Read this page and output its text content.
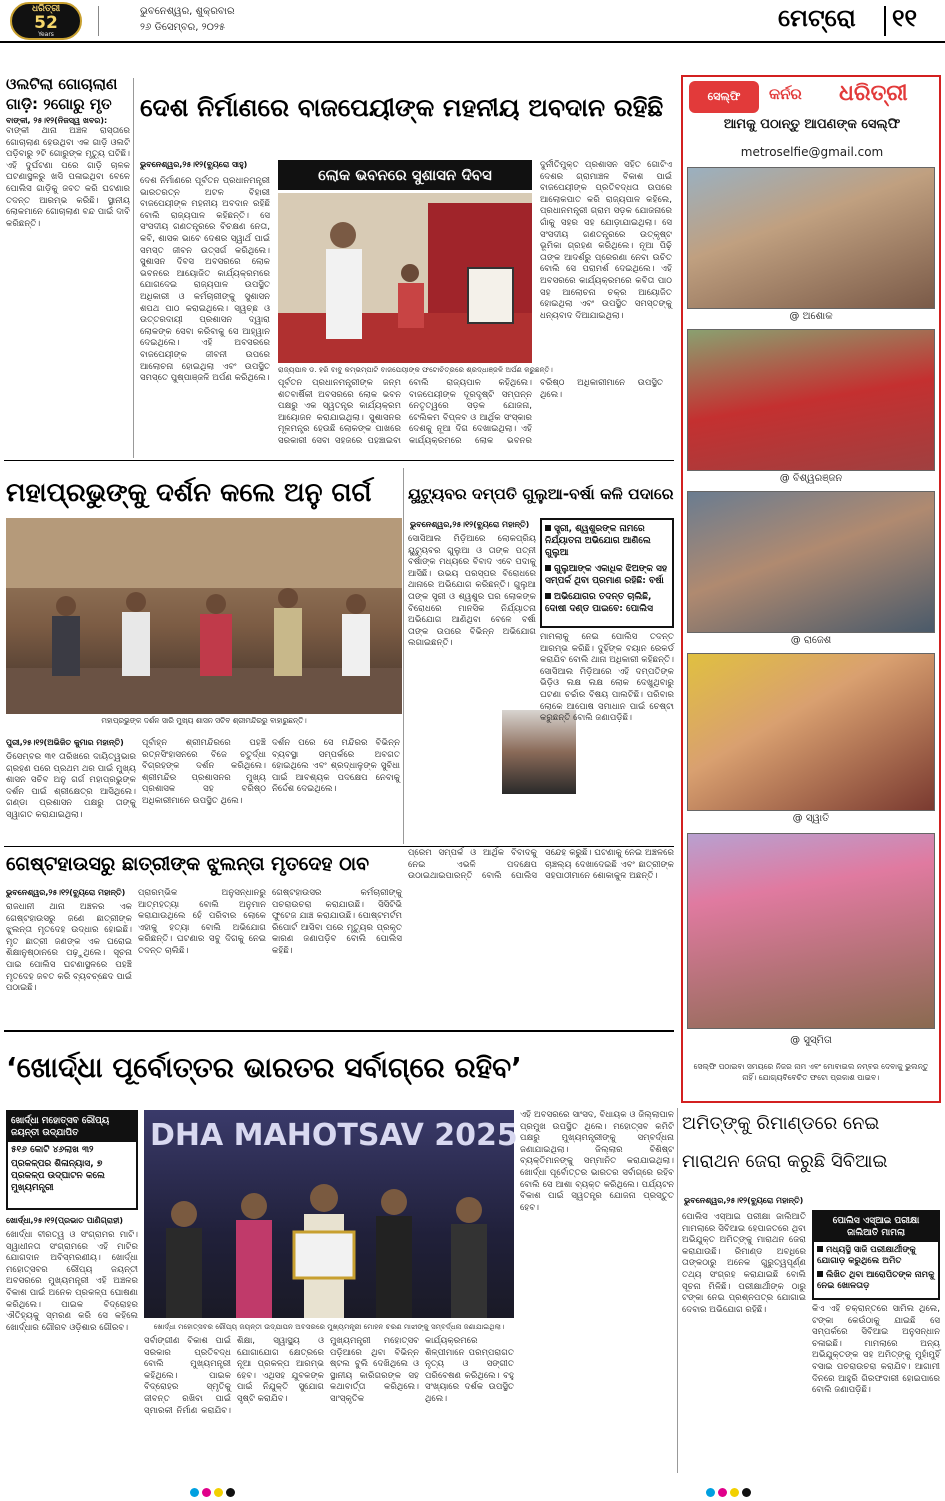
ଧରିତ୍ରୀ
52
Years
ଭୁବନେଶ୍ୱର, ଶୁକ୍ରବାର
୨୬ ଡିସେମ୍ବର, ୨୦୨୫	ମେଟ୍ରୋ ୧୧
ଓଲଟିଲା ଗୋଚାଲାଣ
ଗାଡ଼ି: ୨ଗୋରୁ ମୃତ
ବାଙ୍କୀ, ୨୫।୧୨(ନିଜସ୍ୱ ଖବର):
ବାଙ୍କୀ ଥାନା ଅଞ୍ଚଳ ରାସ୍ତାରେ ଗୋଚାଲାଣ ହେଉଥିବା ଏକ ଗାଡ଼ି ଓଲଟି ପଡ଼ିବାରୁ ୨ଟି ଗୋରୁଙ୍କ ମୃତ୍ୟୁ ଘଟିଛି। ଏହି ଦୁର୍ଘଟଣା ପରେ ଗାଡ଼ି ଚାଳକ ଘଟଣାସ୍ଥଳରୁ ଖସି ପଳାଇଥିବା ବେଳେ ପୋଲିସ ଗାଡ଼ିକୁ ଜବତ କରି ଘଟଣାର ତଦନ୍ତ ଆରମ୍ଭ କରିଛି। ସ୍ଥାନୀୟ ଲୋକମାନେ ଗୋଚାଲାଣ ବନ୍ଦ ପାଇଁ ଦାବି କରିଛନ୍ତି।
ଦେଶ ନିର୍ମାଣରେ ବାଜପେୟୀଙ୍କ ମହନୀୟ ଅବଦାନ ରହିଛି
ଭୁବନେଶ୍ୱର,୨୫।୧୨(ବ୍ୟୁରୋ ସାହୁ)
ଲୋକ ଭବନରେ ସୁଶାସନ ଦିବସ
ଦେଶ ନିର୍ମାଣରେ ପୂର୍ବତନ ପ୍ରଧାନମନ୍ତ୍ରୀ ଭାରତରତ୍ନ ଅଟଳ ବିହାରୀ ବାଜପେୟୀଙ୍କ ମହନୀୟ ଅବଦାନ ରହିଛି ବୋଲି ରାଜ୍ୟପାଳ କହିଛନ୍ତି। ସେ ସଂସଦୀୟ ଗଣତନ୍ତ୍ରରେ ବିଚକ୍ଷଣ ନେତା, କବି, ଶାସକ ଭାବେ ଦେଶର ସ୍ୱାର୍ଥ ପାଇଁ ସମସ୍ତ ଜୀବନ ଉତ୍ସର୍ଗ କରିଥିଲେ। ସୁଶାସନ ଦିବସ ଅବସରରେ ଲୋକ ଭବନରେ ଆୟୋଜିତ କାର୍ଯ୍ୟକ୍ରମରେ ଯୋଗଦେଇ ରାଜ୍ୟପାଳ ଉପସ୍ଥିତ ଅଧିକାରୀ ଓ କର୍ମଚାରୀଙ୍କୁ ସୁଶାସନ ଶପଥ ପାଠ କରାଇଥିଲେ। ସ୍ୱଚ୍ଛ ଓ ଉତ୍ତରଦାୟୀ ପ୍ରଶାସନ ଦ୍ୱାରା ଲୋକଙ୍କ ସେବା କରିବାକୁ ସେ ଆହ୍ୱାନ ଦେଇଥିଲେ। ଏହି ଅବସରରେ ବାଜପେୟୀଙ୍କ ଜୀବନୀ ଉପରେ ଆଲୋଚନା ହୋଇଥିଲା ଏବଂ ଉପସ୍ଥିତ ସମସ୍ତେ ପୁଷ୍ପାଞ୍ଜଳି ଅର୍ପଣ କରିଥିଲେ।
ରାଜ୍ୟପାଳ ଡ. ହରି ବାବୁ କମ୍ଭମ୍ପାଟି ବାଜପେୟୀଙ୍କ ଫଟୋଚିତ୍ରରେ ଶ୍ରଦ୍ଧାଞ୍ଜଳି ଅର୍ପଣ କରୁଛନ୍ତି।
ପୂର୍ବତନ ପ୍ରଧାନମନ୍ତ୍ରୀଙ୍କ ଜନ୍ମ ଶତବାର୍ଷିକୀ ଅବସରରେ ଲୋକ ଭବନ ପକ୍ଷରୁ ଏକ ସ୍ୱତନ୍ତ୍ର କାର୍ଯ୍ୟକ୍ରମ ଆୟୋଜନ କରାଯାଇଥିଲା। ସୁଶାସନର ମୂଳମନ୍ତ୍ର ହେଉଛି ଲୋକଙ୍କ ପାଖରେ ସରକାରୀ ସେବା ସହଜରେ ପହଞ୍ଚାଇବା ବୋଲି ରାଜ୍ୟପାଳ କହିଥିଲେ। ବାଜପେୟୀଙ୍କ ଦୂରଦୃଷ୍ଟି ସମ୍ପନ୍ନ ନେତୃତ୍ୱରେ ସଡ଼କ ଯୋଜନା, ଟେଲିକମ ବିପ୍ଳବ ଓ ଆର୍ଥିକ ସଂସ୍କାର ଦେଶକୁ ନୂଆ ଦିଗ ଦେଖାଇଥିଲା। ଏହି କାର୍ଯ୍ୟକ୍ରମରେ ଲୋକ ଭବନର ବରିଷ୍ଠ ଅଧିକାରୀମାନେ ଉପସ୍ଥିତ ଥିଲେ।
ଦୁର୍ନୀତିମୁକ୍ତ ପ୍ରଶାସନ ସହିତ ଗୋଟିଏ ଦେଶର ଗ୍ରାମାଞ୍ଚଳ ବିକାଶ ପାଇଁ ବାଜପେୟୀଙ୍କ ପ୍ରତିବଦ୍ଧତା ଉପରେ ଆଲୋକପାତ କରି ରାଜ୍ୟପାଳ କହିଲେ, ପ୍ରଧାନମନ୍ତ୍ରୀ ଗ୍ରାମ ସଡ଼କ ଯୋଜନାରେ ଗାଁକୁ ସହର ସହ ଯୋଡ଼ାଯାଇଥିଲା। ସେ ସଂସଦୀୟ ଗଣତନ୍ତ୍ରରେ ଉତ୍କୃଷ୍ଟ ଭୂମିକା ଗ୍ରହଣ କରିଥିଲେ। ନୂଆ ପିଢ଼ି ତାଙ୍କ ଆଦର୍ଶରୁ ପ୍ରେରଣା ନେବା ଉଚିତ ବୋଲି ସେ ପରାମର୍ଶ ଦେଇଥିଲେ। ଏହି ଅବସରରେ କାର୍ଯ୍ୟକ୍ରମରେ କବିତା ପାଠ ସହ ଆଲୋଚନା ଚକ୍ର ଆୟୋଜିତ ହୋଇଥିଲା ଏବଂ ଉପସ୍ଥିତ ସମସ୍ତଙ୍କୁ ଧନ୍ୟବାଦ ଦିଆଯାଇଥିଲା।
ସେଲ୍ଫି	କର୍ନର ଧରିତ୍ରୀ
ଆମକୁ ପଠାନ୍ତୁ ଆପଣଙ୍କ ସେଲ୍ଫି
metroselfie@gmail.com
@ ଅଶୋକ
@ ବିଶ୍ୱରଞ୍ଜନ
@ ରାଜେଶ
@ ସ୍ୱାତି
@ ସୁସ୍ମିତା
ସେଲ୍ଫି ପଠାଇବା ସମୟରେ ନିଜର ନାମ ଏବଂ ମୋବାଇଲ ନମ୍ବର ଦେବାକୁ ଭୁଲନ୍ତୁ ନାହିଁ। ଯୋଗ୍ୟବିବେଚିତ ଫଟୋ ପ୍ରକାଶ ପାଇବ।
ମହାପ୍ରଭୁଙ୍କୁ ଦର୍ଶନ କଲେ ଅନୁ ଗର୍ଗ
ମହାପ୍ରଭୁଙ୍କ ଦର୍ଶନ ସାରି ମୁଖ୍ୟ ଶାସନ ସଚିବ ଶ୍ରୀମନ୍ଦିରରୁ ବାହାରୁଛନ୍ତି।
ପୁରୀ,୨୫।୧୨(ଅଭିଜିତ କୁମାର ମହାନ୍ତି)
ଡିସେମ୍ବର ୩୧ ତାରିଖରେ ଦାୟିତ୍ୱଭାର ଗ୍ରହଣ ପରେ ପ୍ରଥମ ଥର ପାଇଁ ମୁଖ୍ୟ ଶାସନ ସଚିବ ଅନୁ ଗର୍ଗ ମହାପ୍ରଭୁଙ୍କ ଦର୍ଶନ ପାଇଁ ଶ୍ରୀକ୍ଷେତ୍ର ଆସିଥିଲେ। ଗଣ୍ଡା ପ୍ରଶାସନ ପକ୍ଷରୁ ତାଙ୍କୁ ସ୍ୱାଗତ କରାଯାଇଥିଲା।
ପୂର୍ବାହ୍ନ ଶ୍ରୀମନ୍ଦିରରେ ପହଞ୍ଚି ରତ୍ନସିଂହାସନରେ ବିଜେ ଚତୁର୍ଦ୍ଧା ବିଗ୍ରହଙ୍କ ଦର୍ଶନ କରିଥିଲେ। ଶ୍ରୀମନ୍ଦିର ପ୍ରଶାସନର ମୁଖ୍ୟ ପ୍ରଶାସକ ସହ ବରିଷ୍ଠ ଅଧିକାରୀମାନେ ଉପସ୍ଥିତ ଥିଲେ।
ଦର୍ଶନ ପରେ ସେ ମନ୍ଦିରର ବିଭିନ୍ନ ବ୍ୟବସ୍ଥା ସମ୍ପର୍କରେ ଅବଗତ ହୋଇଥିଲେ ଏବଂ ଶ୍ରଦ୍ଧାଳୁଙ୍କ ସୁବିଧା ପାଇଁ ଆବଶ୍ୟକ ପଦକ୍ଷେପ ନେବାକୁ ନିର୍ଦ୍ଦେଶ ଦେଇଥିଲେ।
ୟୁଟ୍ୟୁବର ଦମ୍ପତି ଗୁଲୁଆ-ବର୍ଷା କଳି ପଦାରେ
ଭୁବନେଶ୍ୱର,୨୫।୧୨(ବ୍ୟୁରୋ ମହାନ୍ତି)
ସୋସିଆଲ ମିଡ଼ିଆରେ ଲୋକପ୍ରିୟ ୟୁଟ୍ୟୁବର ଗୁଲୁଆ ଓ ତାଙ୍କ ପତ୍ନୀ ବର୍ଷାଙ୍କ ମଧ୍ୟରେ ବିବାଦ ଏବେ ପଦାକୁ ଆସିଛି। ଉଭୟ ପରସ୍ପର ବିରୋଧରେ ଥାନାରେ ଅଭିଯୋଗ କରିଛନ୍ତି। ଗୁଲୁଆ ତାଙ୍କ ସ୍ତ୍ରୀ ଓ ଶ୍ୱଶୁର ଘର ଲୋକଙ୍କ ବିରୋଧରେ ମାନସିକ ନିର୍ଯ୍ୟାତନା ଅଭିଯୋଗ ଆଣିଥିବା ବେଳେ ବର୍ଷା ତାଙ୍କ ଉପରେ ବିଭିନ୍ନ ଅଭିଯୋଗ ଲଗାଇଛନ୍ତି।
ସ୍ତ୍ରୀ, ଶ୍ୱଶୁରଙ୍କ ନାମରେ ନିର୍ଯ୍ୟାତନା ଅଭିଯୋଗ ଆଣିଲେ ଗୁଲୁଆ
ଗୁଲୁଆଙ୍କ ଏକାଧିକ ଝିଅଙ୍କ ସହ ସମ୍ପର୍କ ଥିବା ପ୍ରମାଣ ରହିଛି: ବର୍ଷା
ଅଭିଯୋଗର ତଦନ୍ତ ଚାଲିଛି, ଦୋଷୀ ଦଣ୍ଡ ପାଇବେ: ପୋଲିସ
ମାମଲାକୁ ନେଇ ପୋଲିସ ତଦନ୍ତ ଆରମ୍ଭ କରିଛି। ଦୁହିଁଙ୍କ ବୟାନ ରେକର୍ଡ କରାଯିବ ବୋଲି ଥାନା ଅଧିକାରୀ କହିଛନ୍ତି। ସୋସିଆଲ ମିଡ଼ିଆରେ ଏହି ଦମ୍ପତିଙ୍କ ଭିଡ଼ିଓ ଲକ୍ଷ ଲକ୍ଷ ଲୋକ ଦେଖୁଥିବାରୁ ଘଟଣା ଚର୍ଚ୍ଚାର ବିଷୟ ପାଲଟିଛି। ପରିବାର ଲୋକେ ଆପୋଷ ସମାଧାନ ପାଇଁ ଚେଷ୍ଟା କରୁଛନ୍ତି ବୋଲି ଜଣାପଡ଼ିଛି।
ଗେଷ୍ଟହାଉସରୁ ଛାତ୍ରୀଙ୍କ ଝୁଲନ୍ତା ମୃତଦେହ ଠାବ
ଭୁବନେଶ୍ୱର,୨୫।୧୨(ବ୍ୟୁରୋ ମହାନ୍ତି)
ରାଜଧାନୀ ଥାନା ଅଞ୍ଚଳର ଏକ ଗେଷ୍ଟହାଉସରୁ ଜଣେ ଛାତ୍ରୀଙ୍କ ଝୁଲନ୍ତା ମୃତଦେହ ଉଦ୍ଧାର ହୋଇଛି। ମୃତ ଛାତ୍ରୀ ଜଣଙ୍କ ଏକ ଘରୋଇ ଶିକ୍ଷାନୁଷ୍ଠାନରେ ପଢ଼ୁଥିଲେ। ସୂଚନା ପାଇ ପୋଲିସ ଘଟଣାସ୍ଥଳରେ ପହଞ୍ଚି ମୃତଦେହ ଜବତ କରି ବ୍ୟବଚ୍ଛେଦ ପାଇଁ ପଠାଇଛି।
ପ୍ରାରମ୍ଭିକ ଅନୁସନ୍ଧାନରୁ ଆତ୍ମହତ୍ୟା ବୋଲି ଅନୁମାନ କରାଯାଉଥିଲେ ହେଁ ପରିବାର ଲୋକେ ଏହାକୁ ହତ୍ୟା ବୋଲି ଅଭିଯୋଗ କରିଛନ୍ତି। ଘଟଣାର ସବୁ ଦିଗକୁ ନେଇ ତଦନ୍ତ ଚାଲିଛି।
ଗେଷ୍ଟହାଉସର କର୍ମଚାରୀଙ୍କୁ ପଚରାଉଚରା କରାଯାଉଛି। ସିସିଟିଭି ଫୁଟେଜ ଯାଞ୍ଚ କରାଯାଉଛି। ପୋଷ୍ଟମର୍ଟମ ରିପୋର୍ଟ ଆସିବା ପରେ ମୃତ୍ୟୁର ପ୍ରକୃତ କାରଣ ଜଣାପଡ଼ିବ ବୋଲି ପୋଲିସ କହିଛି।
ପ୍ରେମ ସମ୍ପର୍କ ଓ ଆର୍ଥିକ ବିବାଦକୁ ନେଇ ଏଭଳି ପଦକ୍ଷେପ ଉଠାଇଥାଇପାରନ୍ତି ବୋଲି ପୋଲିସ ସନ୍ଦେହ କରୁଛି। ଘଟଣାକୁ ନେଇ ଅଞ୍ଚଳରେ ଚାଞ୍ଚଲ୍ୟ ଦେଖାଦେଇଛି ଏବଂ ଛାତ୍ରୀଙ୍କ ସହପାଠୀମାନେ ଶୋକାକୁଳ ଅଛନ୍ତି।
‘ଖୋର୍ଦ୍ଧା ପୂର୍ବୋତ୍ତର ଭାରତର ସର୍ବାଗ୍ରେ ରହିବ’
ଖୋର୍ଦ୍ଧା ମହୋତ୍ସବ ରୌପ୍ୟ ଜୟନ୍ତୀ ଉଦ୍‌ଯାପିତ
୫୧୬ କୋଟି ୪୬ଲାଖ ୩୨
ପ୍ରକଳ୍ପର ଶିଳାନ୍ୟାସ, ୭ ପ୍ରକଳ୍ପ ଉଦ୍‌ଘାଟନ କଲେ ମୁଖ୍ୟମନ୍ତ୍ରୀ
ଖୋର୍ଦ୍ଧା,୨୫।୧୨(ପ୍ରଭାତ ପାଣିଗ୍ରାହୀ)
ଖୋର୍ଦ୍ଧା ବୀରତ୍ୱ ଓ ସଂଗ୍ରାମର ମାଟି। ସ୍ୱାଧୀନତା ସଂଗ୍ରାମରେ ଏହି ମାଟିର ଯୋଗଦାନ ଅବିସ୍ମରଣୀୟ। ଖୋର୍ଦ୍ଧା ମହୋତ୍ସବର ରୌପ୍ୟ ଜୟନ୍ତୀ ଅବସରରେ ମୁଖ୍ୟମନ୍ତ୍ରୀ ଏହି ଅଞ୍ଚଳର ବିକାଶ ପାଇଁ ଅନେକ ପ୍ରକଳ୍ପ ଘୋଷଣା କରିଥିଲେ। ପାଇକ ବିଦ୍ରୋହର ଐତିହ୍ୟକୁ ସ୍ମରଣ କରି ସେ କହିଲେ ଖୋର୍ଦ୍ଧାର ଗୌରବ ଓଡ଼ିଶାର ଗୌରବ।
DHA MAHOTSAV 2025
ଖୋର୍ଦ୍ଧା ମହୋତ୍ସବର ରୌପ୍ୟ ଜୟନ୍ତୀ ଉଦ୍‌ଯାପନ ଅବସରରେ ମୁଖ୍ୟମନ୍ତ୍ରୀ ମୋହନ ଚରଣ ମାଝୀଙ୍କୁ ସମ୍ବର୍ଦ୍ଧନା ଜଣାଯାଇଥିଲା।
ସର୍ବାଙ୍ଗୀଣ ବିକାଶ ପାଇଁ ସରକାର ପ୍ରତିବଦ୍ଧ ବୋଲି ମୁଖ୍ୟମନ୍ତ୍ରୀ କହିଥିଲେ। ପାଇକ ବିଦ୍ରୋହର ସ୍ମୃତିକୁ ଜୀବନ୍ତ ରଖିବା ପାଇଁ ସ୍ମାରକୀ ନିର୍ମାଣ କରାଯିବ। ଶିକ୍ଷା, ସ୍ୱାସ୍ଥ୍ୟ ଓ ଯୋଗାଯୋଗ କ୍ଷେତ୍ରରେ ନୂଆ ପ୍ରକଳ୍ପ ଆରମ୍ଭ ହେବ। ଏଥିସହ ଯୁବକଙ୍କ ପାଇଁ ନିଯୁକ୍ତି ସୁଯୋଗ ସୃଷ୍ଟି କରାଯିବ।
ମୁଖ୍ୟମନ୍ତ୍ରୀ ମହୋତ୍ସବ ପଡ଼ିଆରେ ଥିବା ବିଭିନ୍ନ ଷ୍ଟଲ ବୁଲି ଦେଖିଥିଲେ ଓ ସ୍ଥାନୀୟ କାରିଗରଙ୍କ ସହ କଥାବାର୍ତ୍ତା କରିଥିଲେ। ସାଂସ୍କୃତିକ କାର୍ଯ୍ୟକ୍ରମରେ ଶିଳ୍ପୀମାନେ ପରମ୍ପରାଗତ ନୃତ୍ୟ ଓ ସଙ୍ଗୀତ ପରିବେଷଣ କରିଥିଲେ। ବହୁ ସଂଖ୍ୟାରେ ଦର୍ଶକ ଉପସ୍ଥିତ ଥିଲେ।
ଏହି ଅବସରରେ ସାଂସଦ, ବିଧାୟକ ଓ ଜିଲ୍ଲାପାଳ ପ୍ରମୁଖ ଉପସ୍ଥିତ ଥିଲେ। ମହୋତ୍ସବ କମିଟି ପକ୍ଷରୁ ମୁଖ୍ୟମନ୍ତ୍ରୀଙ୍କୁ ସମ୍ବର୍ଦ୍ଧନା ଜଣାଯାଇଥିଲା। ଜିଲ୍ଲାର ବିଶିଷ୍ଟ ବ୍ୟକ୍ତିମାନଙ୍କୁ ସମ୍ମାନିତ କରାଯାଇଥିଲା। ଖୋର୍ଦ୍ଧା ପୂର୍ବୋତ୍ତର ଭାରତର ସର୍ବାଗ୍ରେ ରହିବ ବୋଲି ସେ ଆଶା ବ୍ୟକ୍ତ କରିଥିଲେ। ପର୍ଯ୍ୟଟନ ବିକାଶ ପାଇଁ ସ୍ୱତନ୍ତ୍ର ଯୋଜନା ପ୍ରସ୍ତୁତ ହେବ।
ଅମିତ୍‌ଙ୍କୁ ରିମାଣ୍ଡରେ ନେଇ
ମାରାଥନ ଜେରା କରୁଛି ସିବିଆଇ
ଭୁବନେଶ୍ୱର,୨୫।୧୨(ବ୍ୟୁରୋ ମହାନ୍ତି)
ପୋଲିସ ଏସ୍ଆଇ ପରୀକ୍ଷା ଜାଲିଆତି ମାମଲାରେ ସିବିଆଇ ହେପାଜତରେ ଥିବା ଅଭିଯୁକ୍ତ ଅମିତ୍‌ଙ୍କୁ ମାରାଥନ ଜେରା କରାଯାଉଛି। ରିମାଣ୍ଡ ଅବଧିରେ ତାଙ୍କଠାରୁ ଅନେକ ଗୁରୁତ୍ୱପୂର୍ଣ୍ଣ ତଥ୍ୟ ସଂଗ୍ରହ କରାଯାଇଛି ବୋଲି ସୂଚନା ମିଳିଛି। ପରୀକ୍ଷାର୍ଥୀଙ୍କ ଠାରୁ ଟଙ୍କା ନେଇ ପ୍ରଶ୍ନପତ୍ର ଯୋଗାଇ ଦେବାର ଅଭିଯୋଗ ରହିଛି।
ପୋଲିସ ଏସ୍ଆଇ ପରୀକ୍ଷା ଜାଲିଆତି ମାମଲା
ମଧ୍ୟସ୍ଥି ସାଜି ପରୀକ୍ଷାର୍ଥୀଙ୍କୁ ଯୋଗାଡ଼ କରୁଥିଲେ ଅମିତ
ଲିଖିତ ଥିବା ଆରୋପିତଙ୍କ ନାମକୁ ନେଇ ଖୋଳତାଡ଼
କିଏ ଏହି ଚକ୍ରାନ୍ତରେ ସାମିଲ ଥିଲେ, ଟଙ୍କା କେଉଁଠାକୁ ଯାଇଛି ସେ ସମ୍ପର୍କରେ ସିବିଆଇ ଅନୁସନ୍ଧାନ ଚଳାଇଛି। ମାମଲାରେ ଅନ୍ୟ ଅଭିଯୁକ୍ତଙ୍କ ସହ ଅମିତ୍‌ଙ୍କୁ ମୁହାଁମୁହିଁ ବସାଇ ପଚରାଉଚରା କରାଯିବ। ଆଗାମୀ ଦିନରେ ଆହୁରି ଗିରଫଦାରୀ ହୋଇପାରେ ବୋଲି ଜଣାପଡ଼ିଛି।
